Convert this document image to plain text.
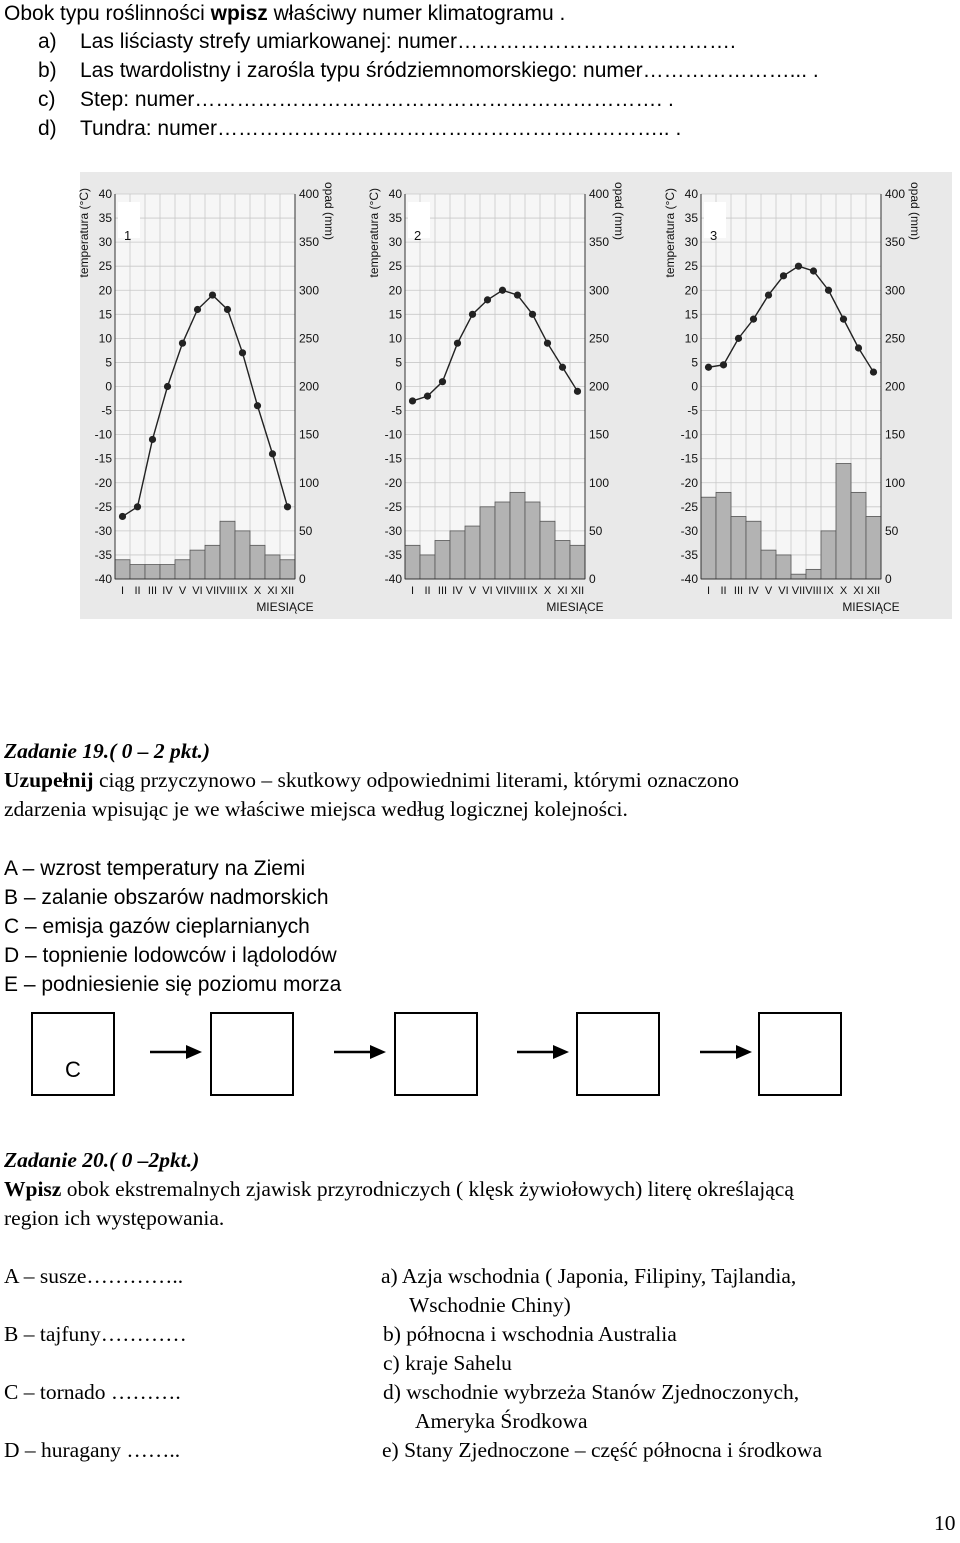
Obok typu roślinności wpisz właściwy numer klimatogramu .
a) Las liściasty strefy umiarkowanej: numer………………………………….
b) Las twardolistny i zarośla typu śródziemnomorskiego: numer…………………... .
c) Step: numer…………………………………………………………. .
d) Tundra: numer……………………………………………………….. .
40
35
30
25
20
15
10
5
0
-5
-10
-15
-20
-25
-30
-35
-40
400
350
300
250
200
150
100
50
0
I II III IV V VI VII VIII IX X XI XII
MIESIĄCE
temperatura (°C)	opad (mm)
1
40
35
30
25
20
15
10
5
0
-5
-10
-15
-20
-25
-30
-35
-40
400
350
300
250
200
150
100
50
0
I II III IV V VI VII VIII IX X XI XII
MIESIĄCE
temperatura (°C)	opad (mm)
2
40
35
30
25
20
15
10
5
0
-5
-10
-15
-20
-25
-30
-35
-40
400
350
300
250
200
150
100
50
0
I II III IV V VI VII VIII IX X XI XII
MIESIĄCE
temperatura (°C)	opad (mm)
3
Zadanie 19.( 0 – 2 pkt.)
Uzupełnij ciąg przyczynowo – skutkowy odpowiednimi literami, którymi oznaczono
zdarzenia wpisując je we właściwe miejsca według logicznej kolejności.
A – wzrost temperatury na Ziemi
B – zalanie obszarów nadmorskich
C – emisja gazów cieplarnianych
D – topnienie lodowców i lądolodów
E – podniesienie się poziomu morza
C
Zadanie 20.( 0 –2pkt.)
Wpisz obok ekstremalnych zjawisk przyrodniczych ( klęsk żywiołowych) literę określającą
region ich występowania.
A – susze…………..
B – tajfuny…………
C – tornado ……….
D – huragany ……..
a) Azja wschodnia ( Japonia, Filipiny, Tajlandia,
Wschodnie Chiny)
b) północna i wschodnia Australia
c) kraje Sahelu
d) wschodnie wybrzeża Stanów Zjednoczonych,
Ameryka Środkowa
e) Stany Zjednoczone – część północna i środkowa
10
